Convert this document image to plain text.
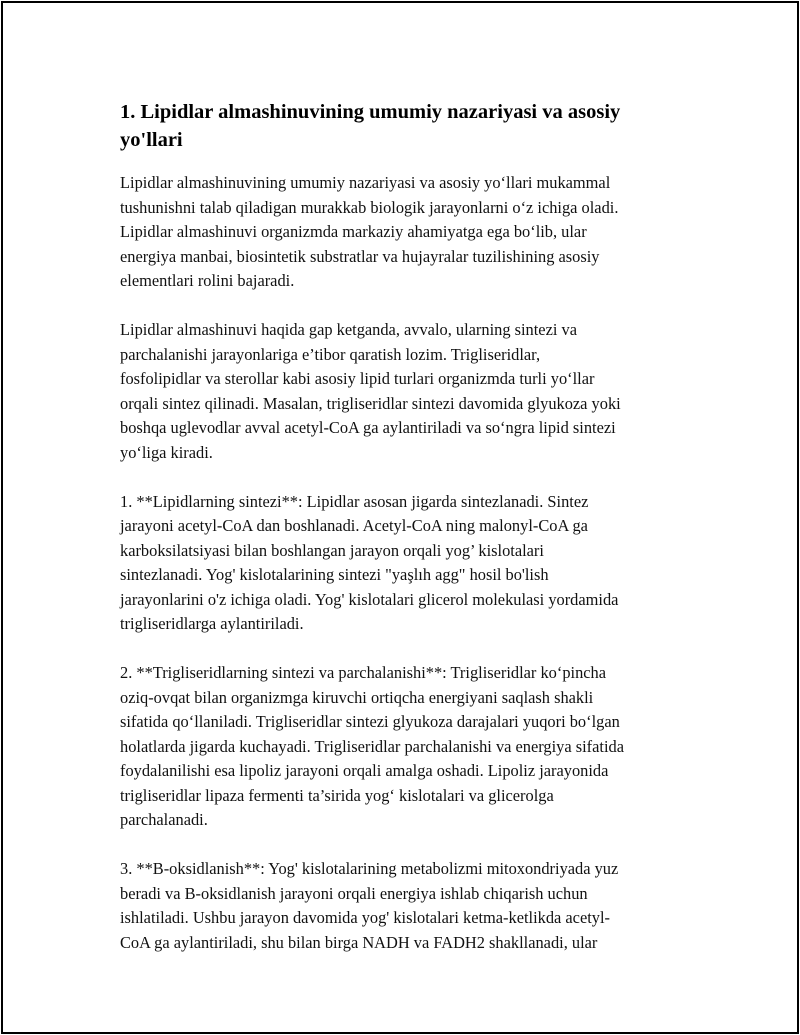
1. Lipidlar almashinuvining umumiy nazariyasi va asosiy
yo'llari
Lipidlar almashinuvining umumiy nazariyasi va asosiy yo‘llari mukammal
tushunishni talab qiladigan murakkab biologik jarayonlarni o‘z ichiga oladi.
Lipidlar almashinuvi organizmda markaziy ahamiyatga ega bo‘lib, ular
energiya manbai, biosintetik substratlar va hujayralar tuzilishining asosiy
elementlari rolini bajaradi.
Lipidlar almashinuvi haqida gap ketganda, avvalo, ularning sintezi va
parchalanishi jarayonlariga e’tibor qaratish lozim. Trigliseridlar,
fosfolipidlar va sterollar kabi asosiy lipid turlari organizmda turli yo‘llar
orqali sintez qilinadi. Masalan, trigliseridlar sintezi davomida glyukoza yoki
boshqa uglevodlar avval acetyl-CoA ga aylantiriladi va so‘ngra lipid sintezi
yo‘liga kiradi.
1. **Lipidlarning sintezi**: Lipidlar asosan jigarda sintezlanadi. Sintez
jarayoni acetyl-CoA dan boshlanadi. Acetyl-CoA ning malonyl-CoA ga
karboksilatsiyasi bilan boshlangan jarayon orqali yog’ kislotalari
sintezlanadi. Yog' kislotalarining sintezi "yaşlıh agg" hosil bo'lish
jarayonlarini o'z ichiga oladi. Yog' kislotalari glicerol molekulasi yordamida
trigliseridlarga aylantiriladi.
2. **Trigliseridlarning sintezi va parchalanishi**: Trigliseridlar ko‘pincha
oziq-ovqat bilan organizmga kiruvchi ortiqcha energiyani saqlash shakli
sifatida qo‘llaniladi. Trigliseridlar sintezi glyukoza darajalari yuqori bo‘lgan
holatlarda jigarda kuchayadi. Trigliseridlar parchalanishi va energiya sifatida
foydalanilishi esa lipoliz jarayoni orqali amalga oshadi. Lipoliz jarayonida
trigliseridlar lipaza fermenti ta’sirida yog‘ kislotalari va glicerolga
parchalanadi.
3. **B-oksidlanish**: Yog' kislotalarining metabolizmi mitoxondriyada yuz
beradi va B-oksidlanish jarayoni orqali energiya ishlab chiqarish uchun
ishlatiladi. Ushbu jarayon davomida yog' kislotalari ketma-ketlikda acetyl-
CoA ga aylantiriladi, shu bilan birga NADH va FADH2 shakllanadi, ular
